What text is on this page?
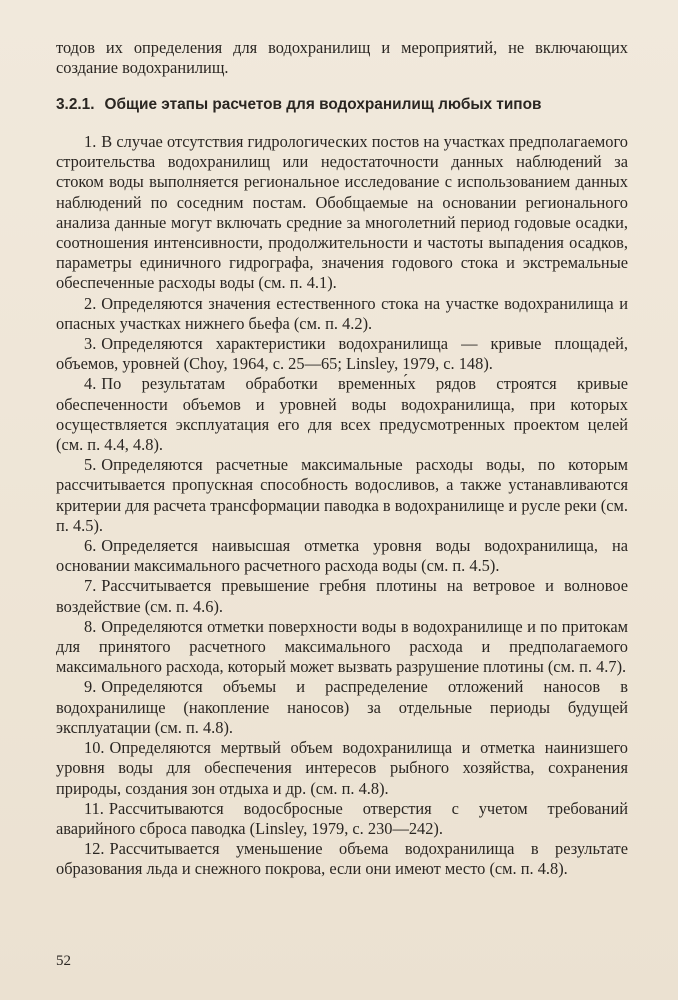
тодов их определения для водохранилищ и мероприятий, не включающих создание водохранилищ.

3.2.1. Общие этапы расчетов для водохранилищ любых типов

1. В случае отсутствия гидрологических постов на участках предполагаемого строительства водохранилищ или недостаточности данных наблюдений за стоком воды выполняется региональное исследование с использованием данных наблюдений по соседним постам. Обобщаемые на основании регионального анализа данные могут включать средние за многолетний период годовые осадки, соотношения интенсивности, продолжительности и частоты выпадения осадков, параметры единичного гидрографа, значения годового стока и экстремальные обеспеченные расходы воды (см. п. 4.1).

2. Определяются значения естественного стока на участке водохранилища и опасных участках нижнего бьефа (см. п. 4.2).

3. Определяются характеристики водохранилища — кривые площадей, объемов, уровней (Choy, 1964, с. 25—65; Linsley, 1979, с. 148).

4. По результатам обработки временны́х рядов строятся кривые обеспеченности объемов и уровней воды водохранилища, при которых осуществляется эксплуатация его для всех предусмотренных проектом целей (см. п. 4.4, 4.8).

5. Определяются расчетные максимальные расходы воды, по которым рассчитывается пропускная способность водосливов, а также устанавливаются критерии для расчета трансформации паводка в водохранилище и русле реки (см. п. 4.5).

6. Определяется наивысшая отметка уровня воды водохранилища, на основании максимального расчетного расхода воды (см. п. 4.5).

7. Рассчитывается превышение гребня плотины на ветровое и волновое воздействие (см. п. 4.6).

8. Определяются отметки поверхности воды в водохранилище и по притокам для принятого расчетного максимального расхода и предполагаемого максимального расхода, который может вызвать разрушение плотины (см. п. 4.7).

9. Определяются объемы и распределение отложений наносов в водохранилище (накопление наносов) за отдельные периоды будущей эксплуатации (см. п. 4.8).

10. Определяются мертвый объем водохранилища и отметка наинизшего уровня воды для обеспечения интересов рыбного хозяйства, сохранения природы, создания зон отдыха и др. (см. п. 4.8).

11. Рассчитываются водосбросные отверстия с учетом требований аварийного сброса паводка (Linsley, 1979, с. 230—242).

12. Рассчитывается уменьшение объема водохранилища в результате образования льда и снежного покрова, если они имеют место (см. п. 4.8).

52
